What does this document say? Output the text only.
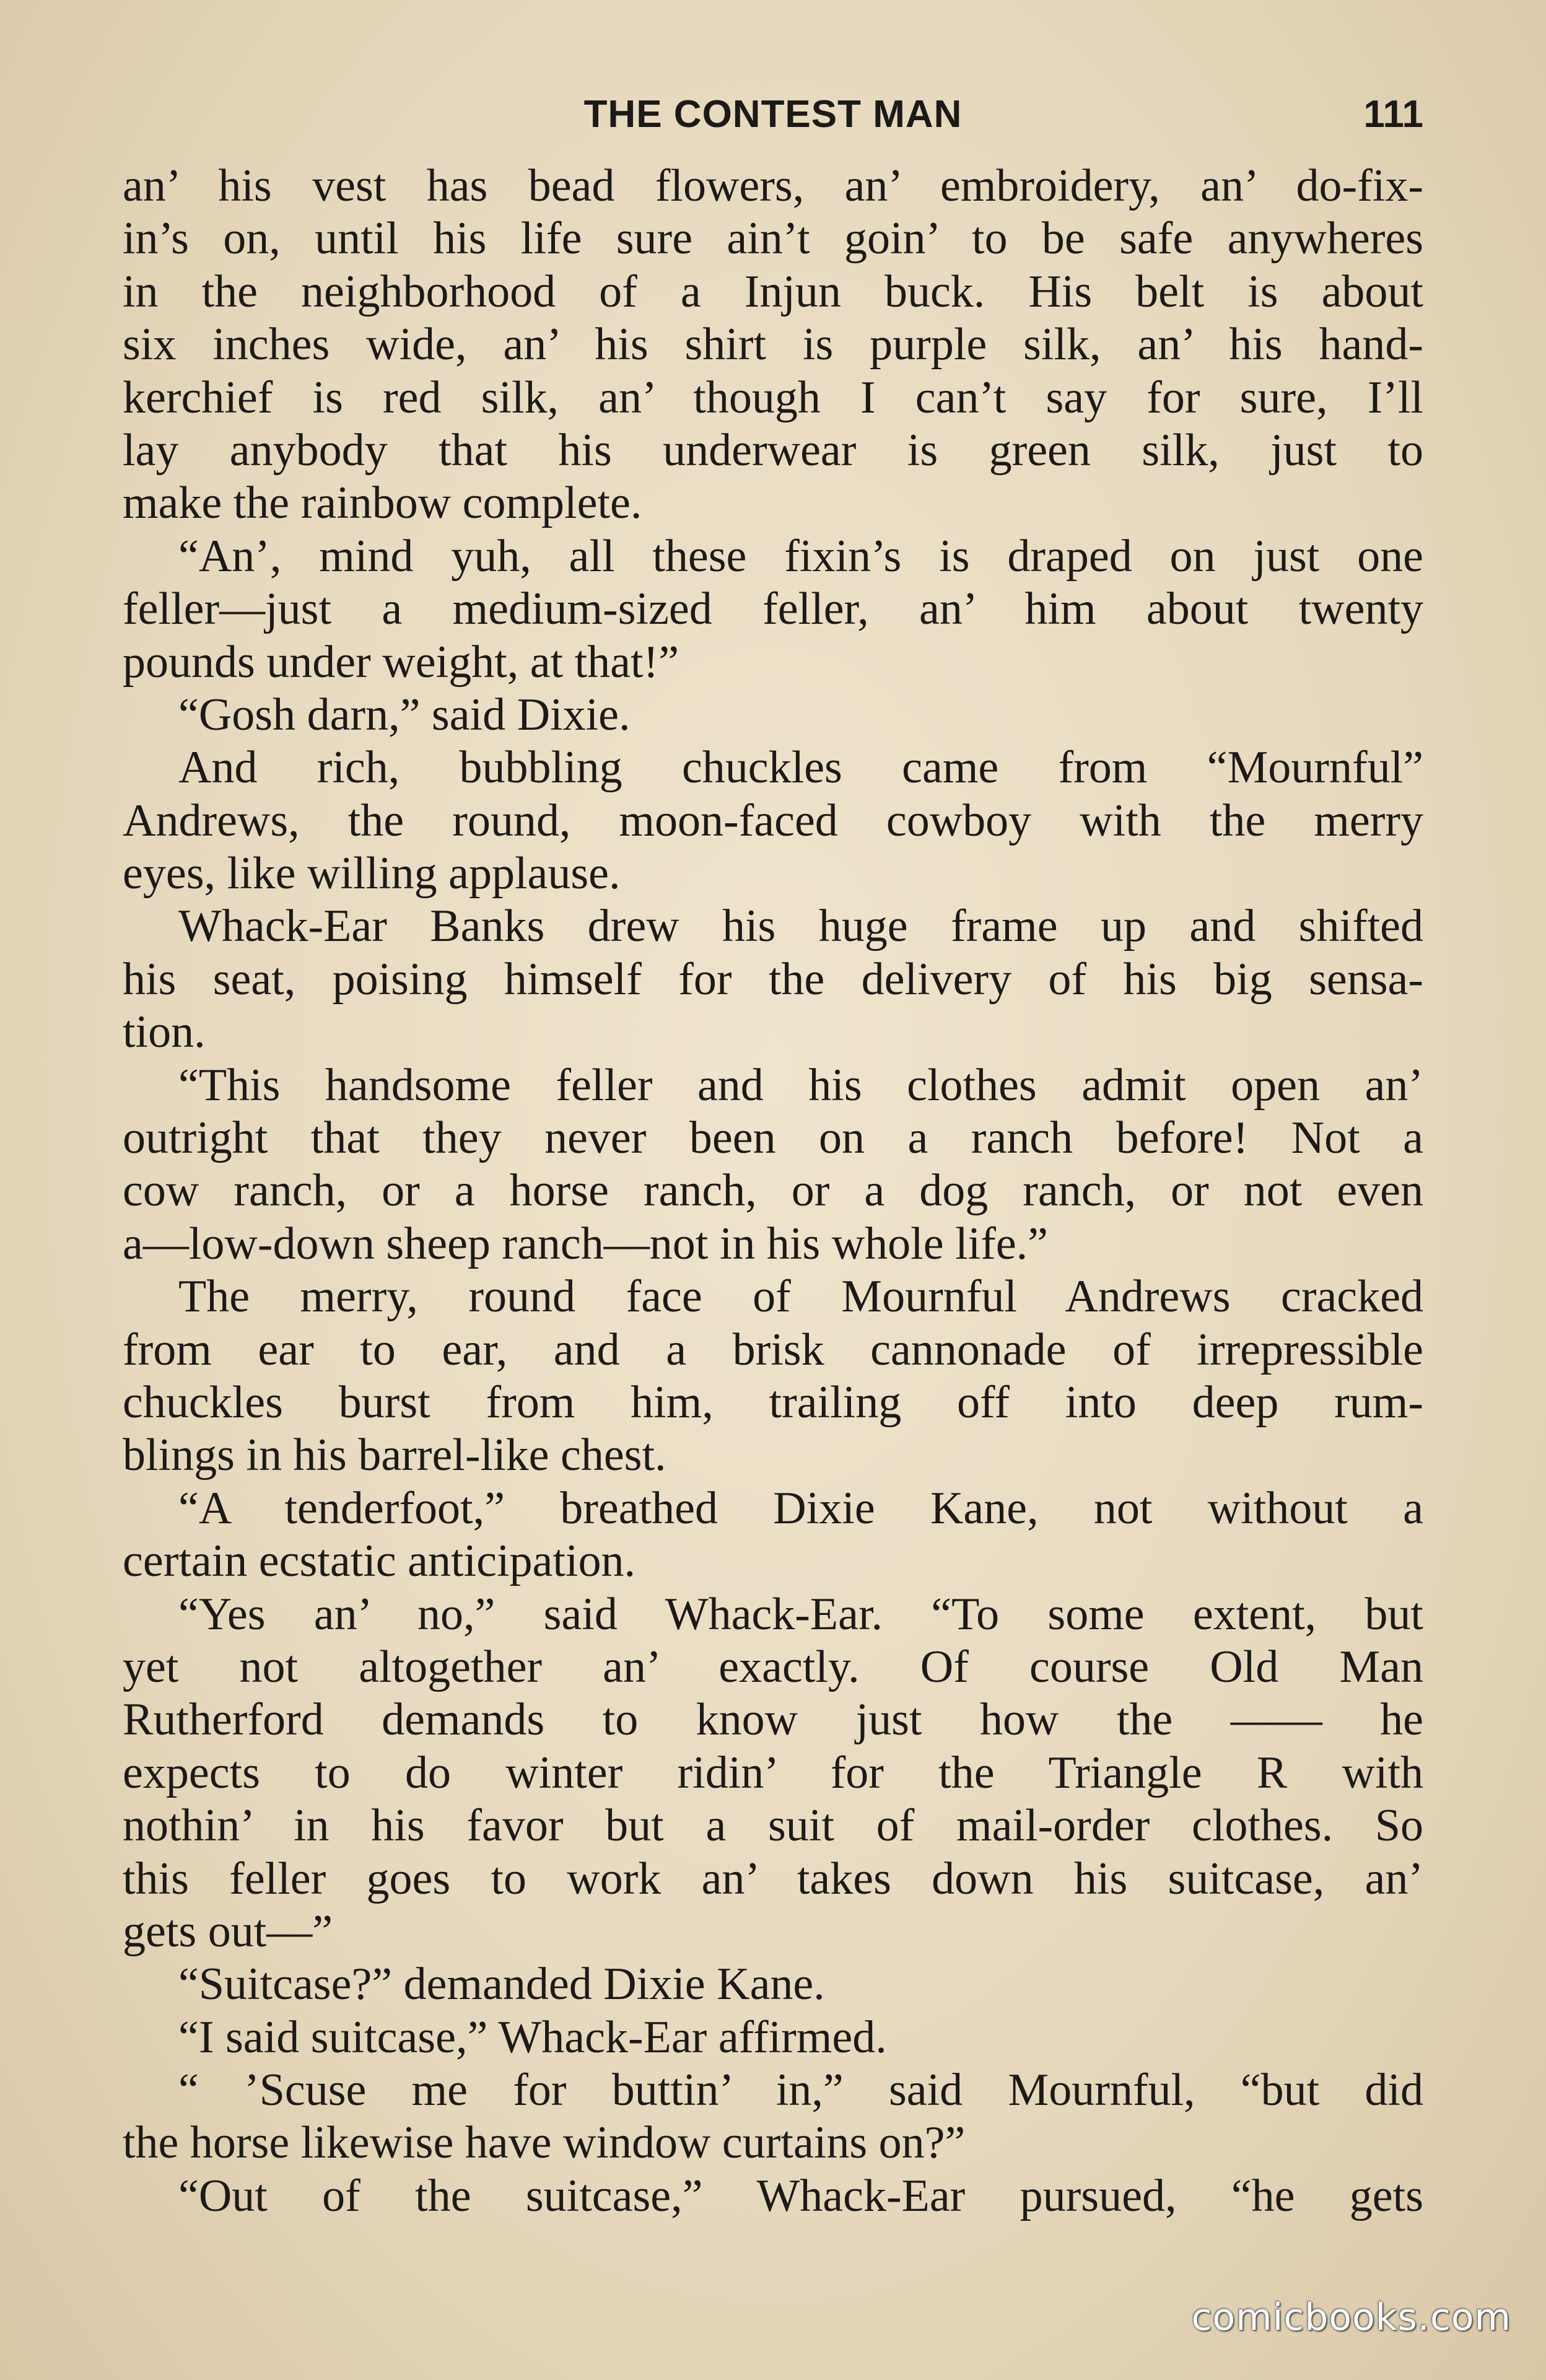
THE CONTEST MAN	111
an’ his vest has bead flowers, an’ embroidery, an’ do-fix-
in’s on, until his life sure ain’t goin’ to be safe anywheres
in the neighborhood of a Injun buck. His belt is about
six inches wide, an’ his shirt is purple silk, an’ his hand-
kerchief is red silk, an’ though I can’t say for sure, I’ll
lay anybody that his underwear is green silk, just to
make the rainbow complete.
“An’, mind yuh, all these fixin’s is draped on just one
feller—just a medium-sized feller, an’ him about twenty
pounds under weight, at that!”
“Gosh darn,” said Dixie.
And rich, bubbling chuckles came from “Mournful”
Andrews, the round, moon-faced cowboy with the merry
eyes, like willing applause.
Whack-Ear Banks drew his huge frame up and shifted
his seat, poising himself for the delivery of his big sensa-
tion.
“This handsome feller and his clothes admit open an’
outright that they never been on a ranch before! Not a
cow ranch, or a horse ranch, or a dog ranch, or not even
a—low-down sheep ranch—not in his whole life.”
The merry, round face of Mournful Andrews cracked
from ear to ear, and a brisk cannonade of irrepressible
chuckles burst from him, trailing off into deep rum-
blings in his barrel-like chest.
“A tenderfoot,” breathed Dixie Kane, not without a
certain ecstatic anticipation.
“Yes an’ no,” said Whack-Ear. “To some extent, but
yet not altogether an’ exactly. Of course Old Man
Rutherford demands to know just how the —— he
expects to do winter ridin’ for the Triangle R with
nothin’ in his favor but a suit of mail-order clothes. So
this feller goes to work an’ takes down his suitcase, an’
gets out—”
“Suitcase?” demanded Dixie Kane.
“I said suitcase,” Whack-Ear affirmed.
“ ’Scuse me for buttin’ in,” said Mournful, “but did
the horse likewise have window curtains on?”
“Out of the suitcase,” Whack-Ear pursued, “he gets
comicbooks.com
